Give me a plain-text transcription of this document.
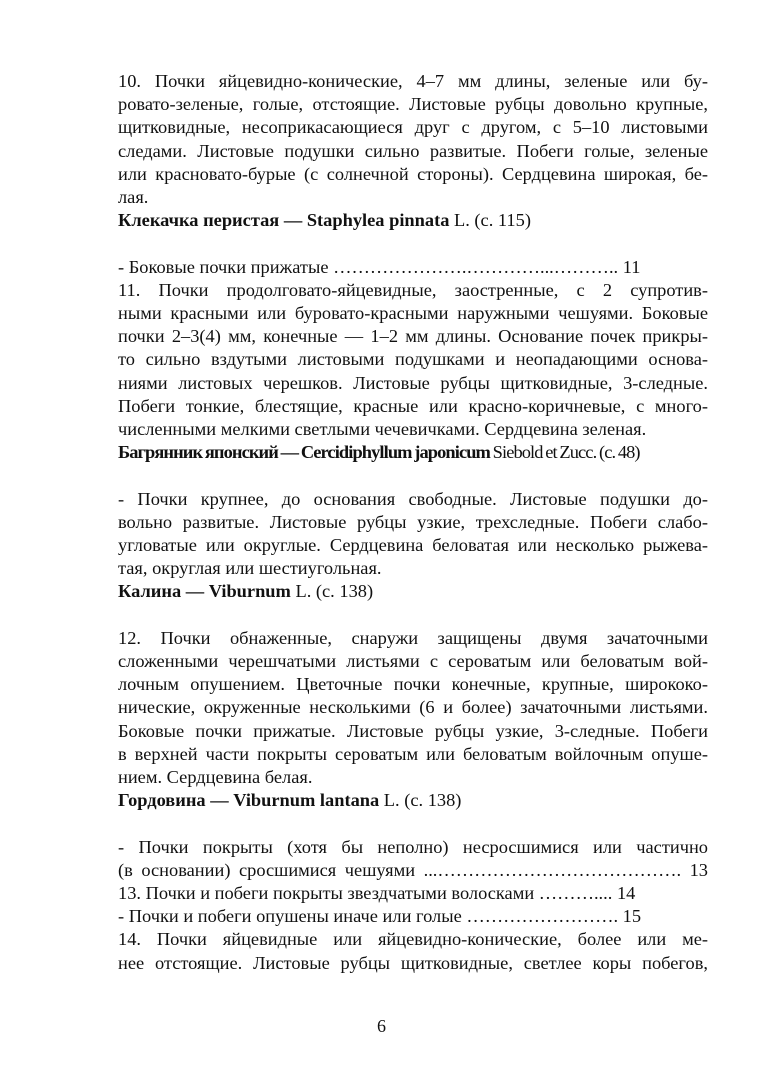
10. Почки яйцевидно-конические, 4–7 мм длины, зеленые или бу-
ровато-зеленые, голые, отстоящие. Листовые рубцы довольно крупные,
щитковидные, несоприкасающиеся друг с другом, с 5–10 листовыми
следами. Листовые подушки сильно развитые. Побеги голые, зеленые
или красновато-бурые (с солнечной стороны). Сердцевина широкая, бе-
лая.

Клекачка перистая — Staphylea pinnata L. (с. 115)

- Боковые почки прижатые ………………….…………...……….. 11

11. Почки продолговато-яйцевидные, заостренные, с 2 супротив-
ными красными или буровато-красными наружными чешуями. Боковые
почки 2–3(4) мм, конечные — 1–2 мм длины. Основание почек прикры-
то сильно вздутыми листовыми подушками и неопадающими основа-
ниями листовых черешков. Листовые рубцы щитковидные, 3-следные.
Побеги тонкие, блестящие, красные или красно-коричневые, с много-
численными мелкими светлыми чечевичками. Сердцевина зеленая.

Багрянник японский — Cercidiphyllum japonicum Siebold et Zucc. (c. 48)

- Почки крупнее, до основания свободные. Листовые подушки до-
вольно развитые. Листовые рубцы узкие, трехследные. Побеги слабо-
угловатые или округлые. Сердцевина беловатая или несколько рыжева-
тая, округлая или шестиугольная.

Калина — Viburnum L. (с. 138)

12. Почки обнаженные, снаружи защищены двумя зачаточными
сложенными черешчатыми листьями с сероватым или беловатым вой-
лочным опушением. Цветочные почки конечные, крупные, ширококо-
нические, окруженные несколькими (6 и более) зачаточными листьями.
Боковые почки прижатые. Листовые рубцы узкие, 3-следные. Побеги
в верхней части покрыты сероватым или беловатым войлочным опуше-
нием. Сердцевина белая.

Гордовина — Viburnum lantana L. (с. 138)

- Почки покрыты (хотя бы неполно) несросшимися или частично
(в основании) сросшимися чешуями ...…………………………………. 13

13. Почки и побеги покрыты звездчатыми волосками ……….... 14
- Почки и побеги опушены иначе или голые ……………………. 15

14. Почки яйцевидные или яйцевидно-конические, более или ме-
нее отстоящие. Листовые рубцы щитковидные, светлее коры побегов,

6
